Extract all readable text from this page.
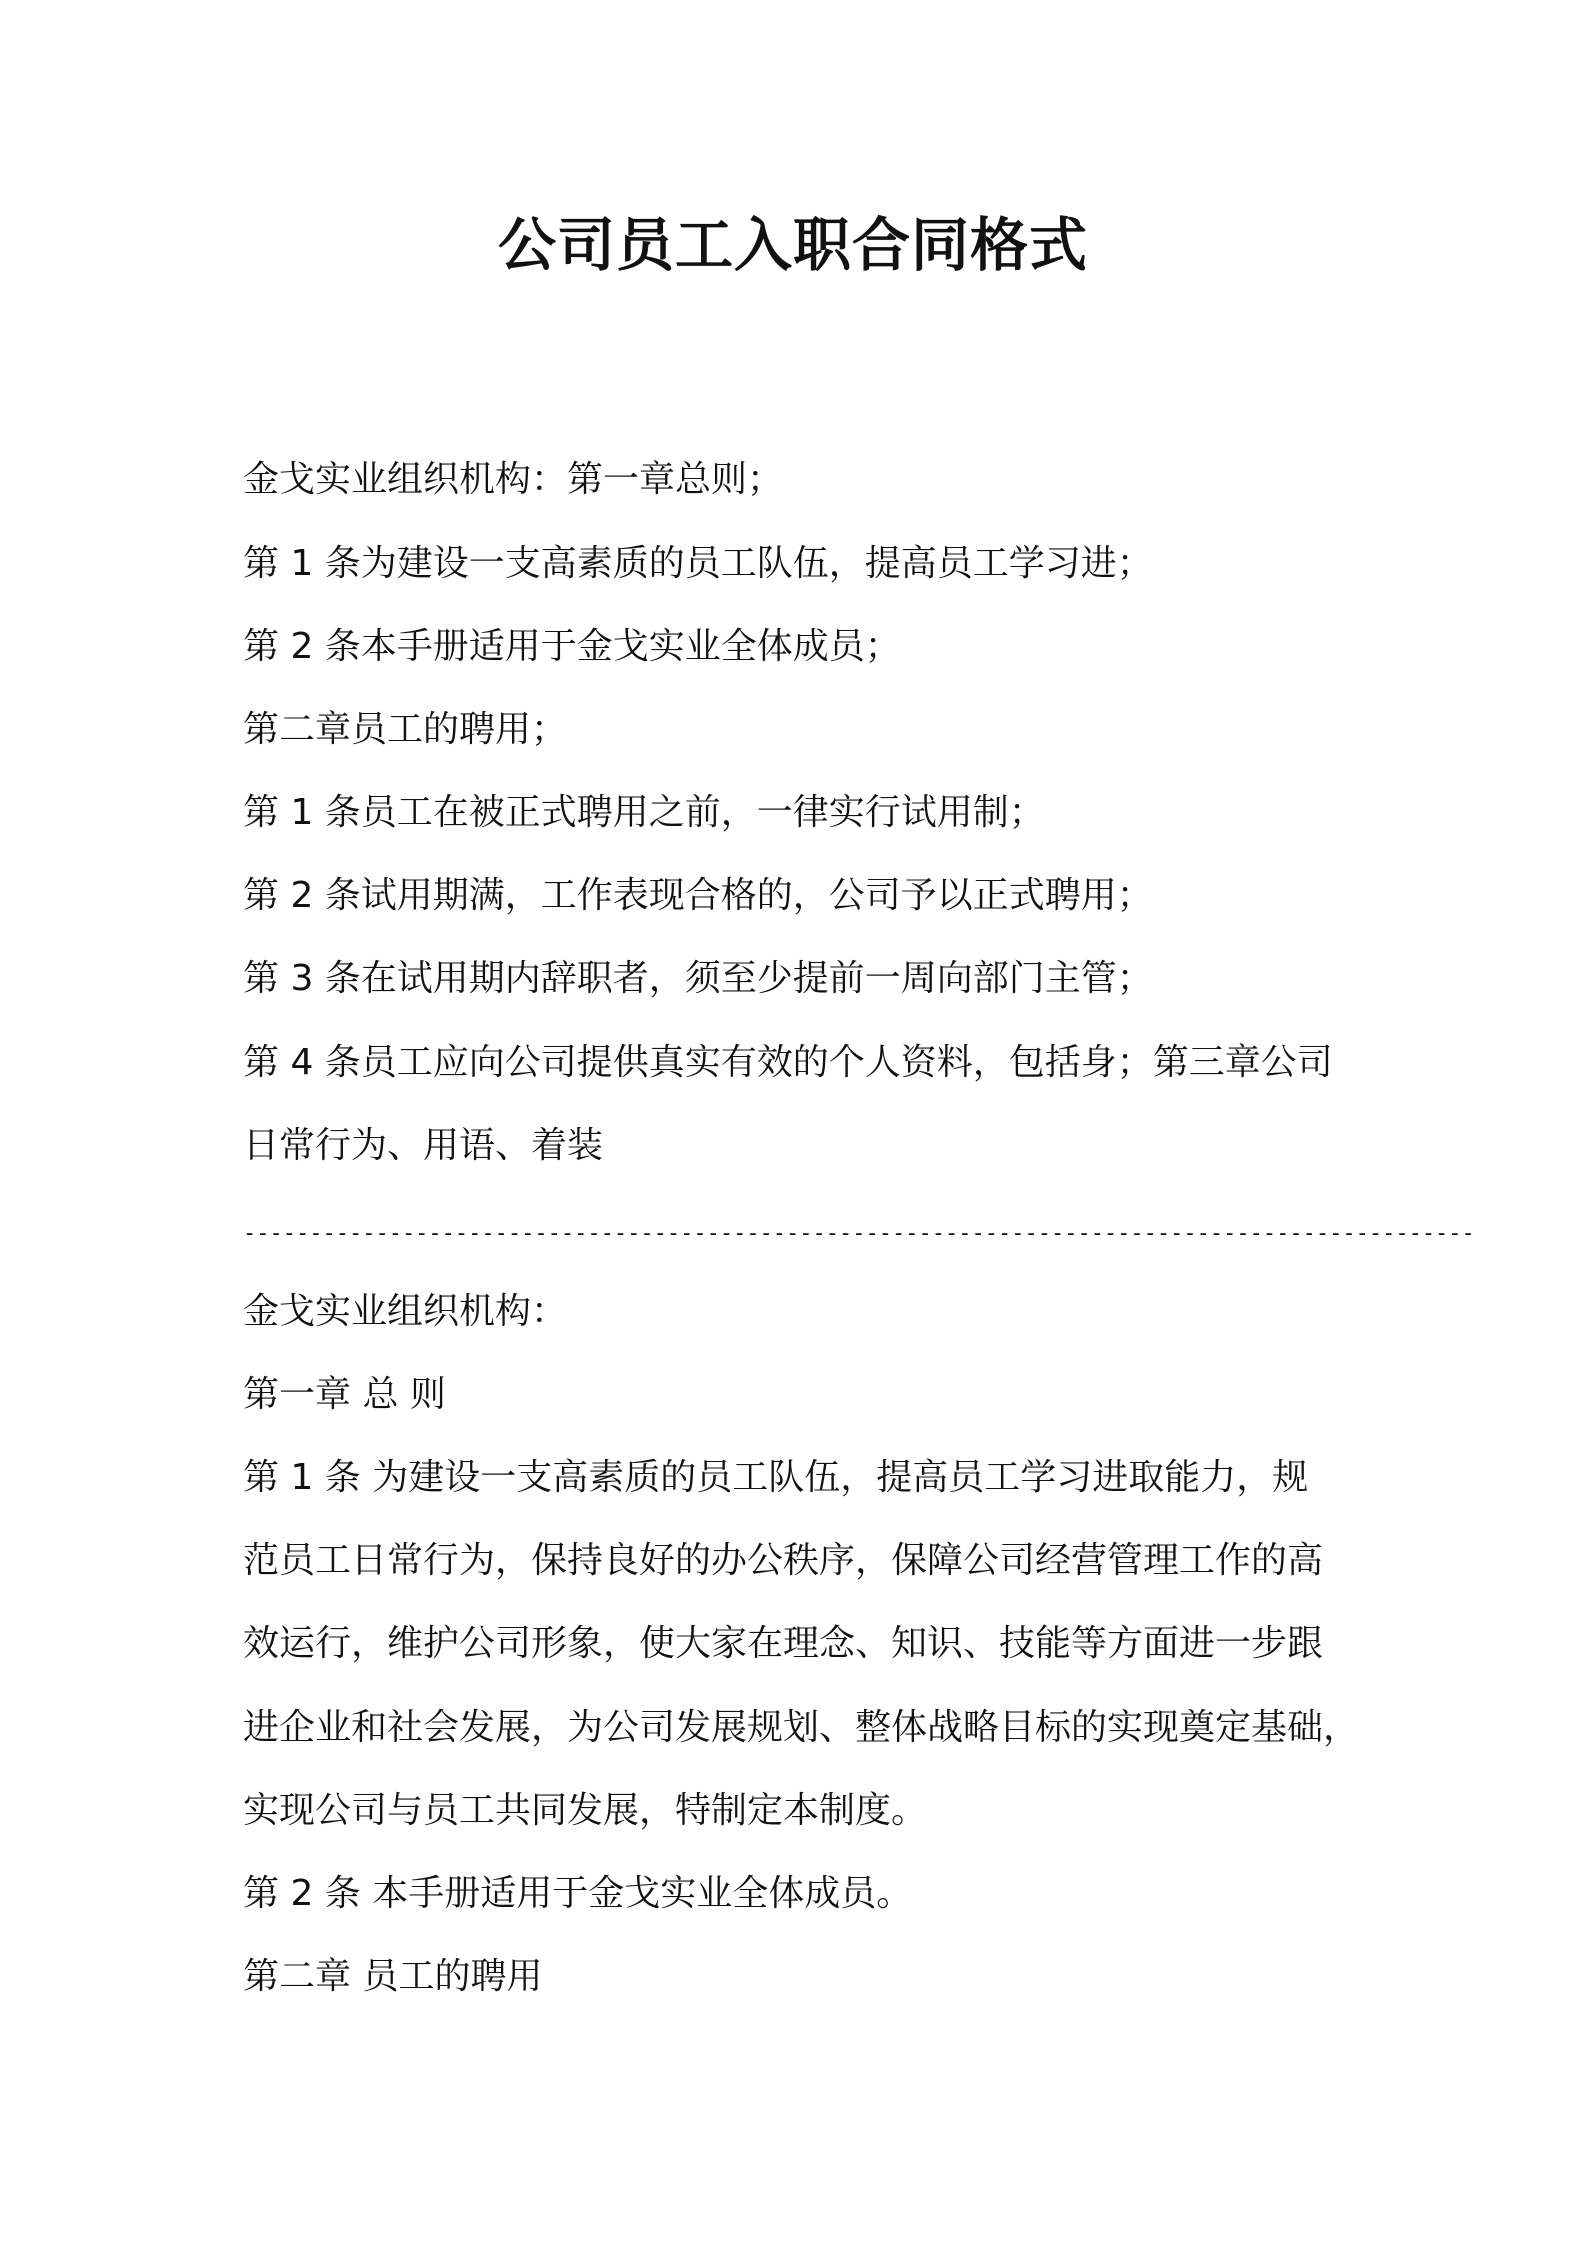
公司员工入职合同格式
金戈实业组织机构：第一章总则；
第 1 条为建设一支高素质的员工队伍，提高员工学习进；
第 2 条本手册适用于金戈实业全体成员；
第二章员工的聘用；
第 1 条员工在被正式聘用之前，一律实行试用制；
第 2 条试用期满，工作表现合格的，公司予以正式聘用；
第 3 条在试用期内辞职者，须至少提前一周向部门主管；
第 4 条员工应向公司提供真实有效的个人资料，包括身；第三章公司
日常行为、用语、着装
---------------------------------------------------------------------------------------------
金戈实业组织机构：
第一章 总 则
第 1 条 为建设一支高素质的员工队伍，提高员工学习进取能力，规
范员工日常行为，保持良好的办公秩序，保障公司经营管理工作的高
效运行，维护公司形象，使大家在理念、知识、技能等方面进一步跟
进企业和社会发展，为公司发展规划、整体战略目标的实现奠定基础，
实现公司与员工共同发展，特制定本制度。
第 2 条 本手册适用于金戈实业全体成员。
第二章 员工的聘用
